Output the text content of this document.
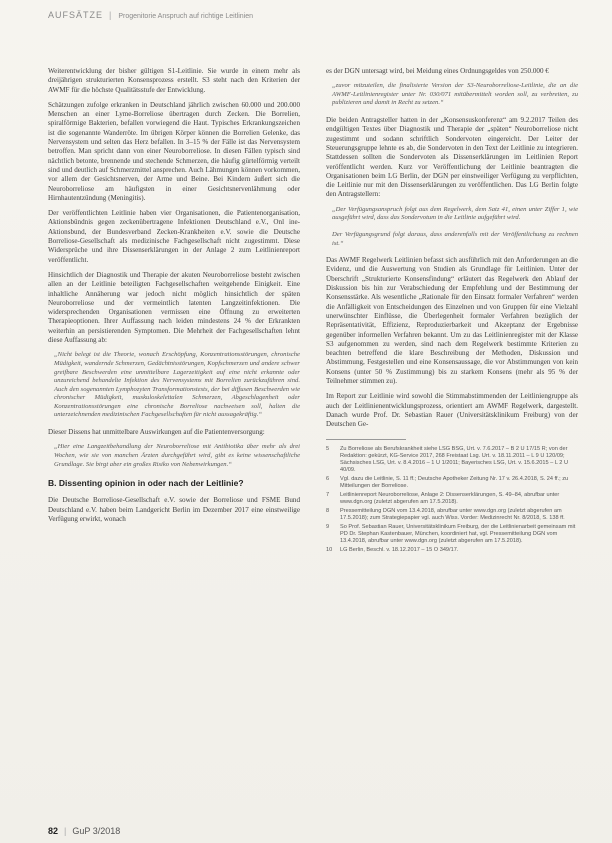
AUFSÄTZE | Progenitorie Anspruch auf richtige Leitlinien

Weiterentwicklung der bisher gültigen S1-Leitlinie. Sie wurde in einem mehr als dreijährigen strukturierten Konsensprozess erstellt. S3 steht nach den Kriterien der AWMF für die höchste Qualitätsstufe der Entwicklung.

Schätzungen zufolge erkranken in Deutschland jährlich zwischen 60.000 und 200.000 Menschen an einer Lyme-Borreliose übertragen durch Zecken. Die Borrelien, spiralförmige Bakterien, befallen vorwiegend die Haut. Typisches Erkrankungszeichen ist die sogenannte Wanderröte. Im übrigen Körper können die Borrelien Gelenke, das Nervensystem und selten das Herz befallen. In 3–15 % der Fälle ist das Nervensystem betroffen. Man spricht dann von einer Neuroborreliose. In diesen Fällen typisch sind nächtlich betonte, brennende und stechende Schmerzen, die häufig gürtelförmig verteilt sind und deutlich auf Schmerzmittel ansprechen. Auch Lähmungen können vorkommen, vor allem der Gesichtsnerven, der Arme und Beine. Bei Kindern äußert sich die Neuroborreliose am häufigsten in einer Gesichtsnervenlähmung oder Hirnhautentzündung (Meningitis).

Der veröffentlichten Leitlinie haben vier Organisationen, die Patientenorganisation, Aktionsbündnis gegen zeckenübertragene Infektionen Deutschland e.V., Onl ine-Aktionsbund, der Bundesverband Zecken-Krankheiten e.V. sowie die Deutsche Borreliose-Gesellschaft als medizinische Fachgesellschaft nicht zugestimmt. Diese Widersprüche und ihre Dissenserklärungen in der Anlage 2 zum Leitlinienreport veröffentlicht.

Hinsichtlich der Diagnostik und Therapie der akuten Neuroborreliose besteht zwischen allen an der Leitlinie beteiligten Fachgesellschaften weitgehende Einigkeit. Eine inhaltliche Annäherung war jedoch nicht möglich hinsichtlich der späten Neuroborreliose und der vermeintlich latenten Langzeitinfektionen. Die widersprechenden Organisationen vermissen eine Öffnung zu erweiterten Therapieoptionen. Ihrer Auffassung nach leiden mindestens 24 % der Erkrankten weiterhin an persistierenden Symptomen. Die Mehrheit der Fachgesellschaften lehnt diese Auffassung ab:

„Nicht belegt ist die Theorie, wonach Erschöpfung, Konzentrationsstörungen, chronische Müdigkeit, wandernde Schmerzen, Gedächtnisstörungen, Kopfschmerzen und andere schwer greifbare Beschwerden eine unmittelbare Lagerzeitigkeit auf eine nicht erkannte oder unzureichend behandelte Infektion des Nervensystems mit Borrelien zurückzuführen sind. Auch den sogenannten Lymphozyten Transformationstests, der bei diffusen Beschwerden wie chronischer Müdigkeit, muskuloskelettalen Schmerzen, Abgeschlagenheit oder Konzentrationsstörungen eine chronische Borreliose nachweisen soll, halten die unterzeichnenden medizinischen Fachgesellschaften für nicht aussagekräftig.“

Dieser Dissens hat unmittelbare Auswirkungen auf die Patientenversorgung:

„Hier eine Langzeitbehandlung der Neuroborreliose mit Antibiotika über mehr als drei Wochen, wie sie von manchen Ärzten durchgeführt wird, gibt es keine wissenschaftliche Grundlage. Sie birgt aber ein großes Risiko von Nebenwirkungen.“
B. Dissenting opinion in oder nach der Leitlinie?

Die Deutsche Borreliose-Gesellschaft e.V. sowie der Borreliose und FSME Bund Deutschland e.V. haben beim Landgericht Berlin im Dezember 2017 eine einstweilige Verfügung erwirkt, wonach

es der DGN untersagt wird, bei Meidung eines Ordnungsgeldes von 250.000 €

„zuvor mitzuteilen, die finalisierte Version der S3-Neuroborreliose-Leitlinie, die an die AWMF-Leitlinienregister unter Nr. 030/071 mitübermittelt worden soll, zu verbreiten, zu publizieren und damit in Recht zu setzen.“

Die beiden Antragsteller hatten in der „Konsensuskonferenz“ am 9.2.2017 Teilen des endgültigen Textes über Diagnostik und Therapie der „späten“ Neuroborreliose nicht zugestimmt und sodann schriftlich Sondervoten eingereicht. Der Leiter der Steuerungsgruppe lehnte es ab, die Sondervoten in den Text der Leitlinie zu integrieren. Stattdessen sollten die Sondervoten als Dissenserklärungen im Leitlinien Report veröffentlicht werden. Kurz vor Veröffentlichung der Leitlinie beantragten die Organisationen beim LG Berlin, der DGN per einstweiliger Verfügung zu verpflichten, die Leitlinie nur mit den Dissenserklärungen zu veröffentlichen. Das LG Berlin folgte den Antragstellern:

„Der Verfügungsanspruch folgt aus dem Regelwerk, dem Satz 41, einen unter Ziffer 1, wie ausgeführt wird, dass das Sondervotum in die Leitlinie aufgeführt wird.
Der Verfügungsgrund folgt daraus, dass anderenfalls mit der Veröffentlichung zu rechnen ist.“

Das AWMF Regelwerk Leitlinien befasst sich ausführlich mit den Anforderungen an die Evidenz, und die Auswertung von Studien als Grundlage für Leitlinien. Unter der Überschrift „Strukturierte Konsensfindung“ erläutert das Regelwerk den Ablauf der Diskussion bis hin zur Verabschiedung der Empfehlung und der Bestimmung der Konsensstärke. Als wesentliche „Rationale für den Einsatz formaler Verfahren“ werden die Anfälligkeit von Entscheidungen des Einzelnen und von Gruppen für eine Vielzahl unerwünschter Einflüsse, die Überlegenheit formaler Verfahren bezüglich der Repräsentativität, Effizienz, Reproduzierbarkeit und Akzeptanz der Ergebnisse gegenüber informellen Verfahren bekannt. Um zu das Leitlinienregister mit der Klasse S3 aufgenommen zu werden, sind nach dem Regelwerk bestimmte Kriterien zu beachten betreffend die klare Beschreibung der Methoden, Diskussion und Abstimmung, Festgestellen und eine Konsensaussage, die vor Abstimmungen von kein Konsens (unter 50 % Zustimmung) bis zu starkem Konsens (mehr als 95 % der Teilnehmer stimmen zu).

Im Report zur Leitlinie wird sowohl die Stimmabstimmenden der Leitliniengruppe als auch der Leitlinienentwicklungsprozess, orientiert am AWMF Regelwerk, dargestellt. Danach wurde Prof. Dr. Sebastian Rauer (Universitätsklinikum Freiburg) von der Deutschen Ge-

5	Zu Borreliose als Berufskrankheit siehe LSG BSG, Urt. v. 7.6.2017 – B 2 U 17/15 R; von der Redaktion: gekürzt, KG-Service 2017, 268 Freistaat Lsg. Urt. v. 18.11.2011 – L 9 U 120/09; Sächsisches LSG, Urt. v. 8.4.2016 – 1 U 1/2011; Bayerisches LSG, Urt. v. 15.6.2015 – L 2 U 40/09.
6	Vgl. dazu die Leitlinie, S. 11 ff.; Deutsche Apotheker Zeitung Nr. 17 v. 26.4.2018, S. 24 ff.; zu Mitteilungen der Borreliose.
7	Leitlinienreport Neuroborreliose, Anlage 2: Dissenserklärungen, S. 49–84, abrufbar unter www.dgn.org (zuletzt abgerufen am 17.5.2018).
8	Pressemitteilung DGN vom 13.4.2018, abrufbar unter www.dgn.org (zuletzt abgerufen am 17.5.2018); zum Strategiepapier vgl. auch Wiss. Vorder: Medizinrecht Nr. 8/2018, S. 138 ff.
9	So Prof. Sebastian Rauer, Universitätsklinikum Freiburg, der die Leitlinienarbeit gemeinsam mit PD Dr. Stephan Kastenbauer, München, koordiniert hat, vgl. Pressemitteilung DGN vom 13.4.2018, abrufbar unter www.dgn.org (zuletzt abgerufen am 17.5.2018).
10	LG Berlin, Beschl. v. 18.12.2017 – 15 O 349/17.
82 | GuP 3/2018
